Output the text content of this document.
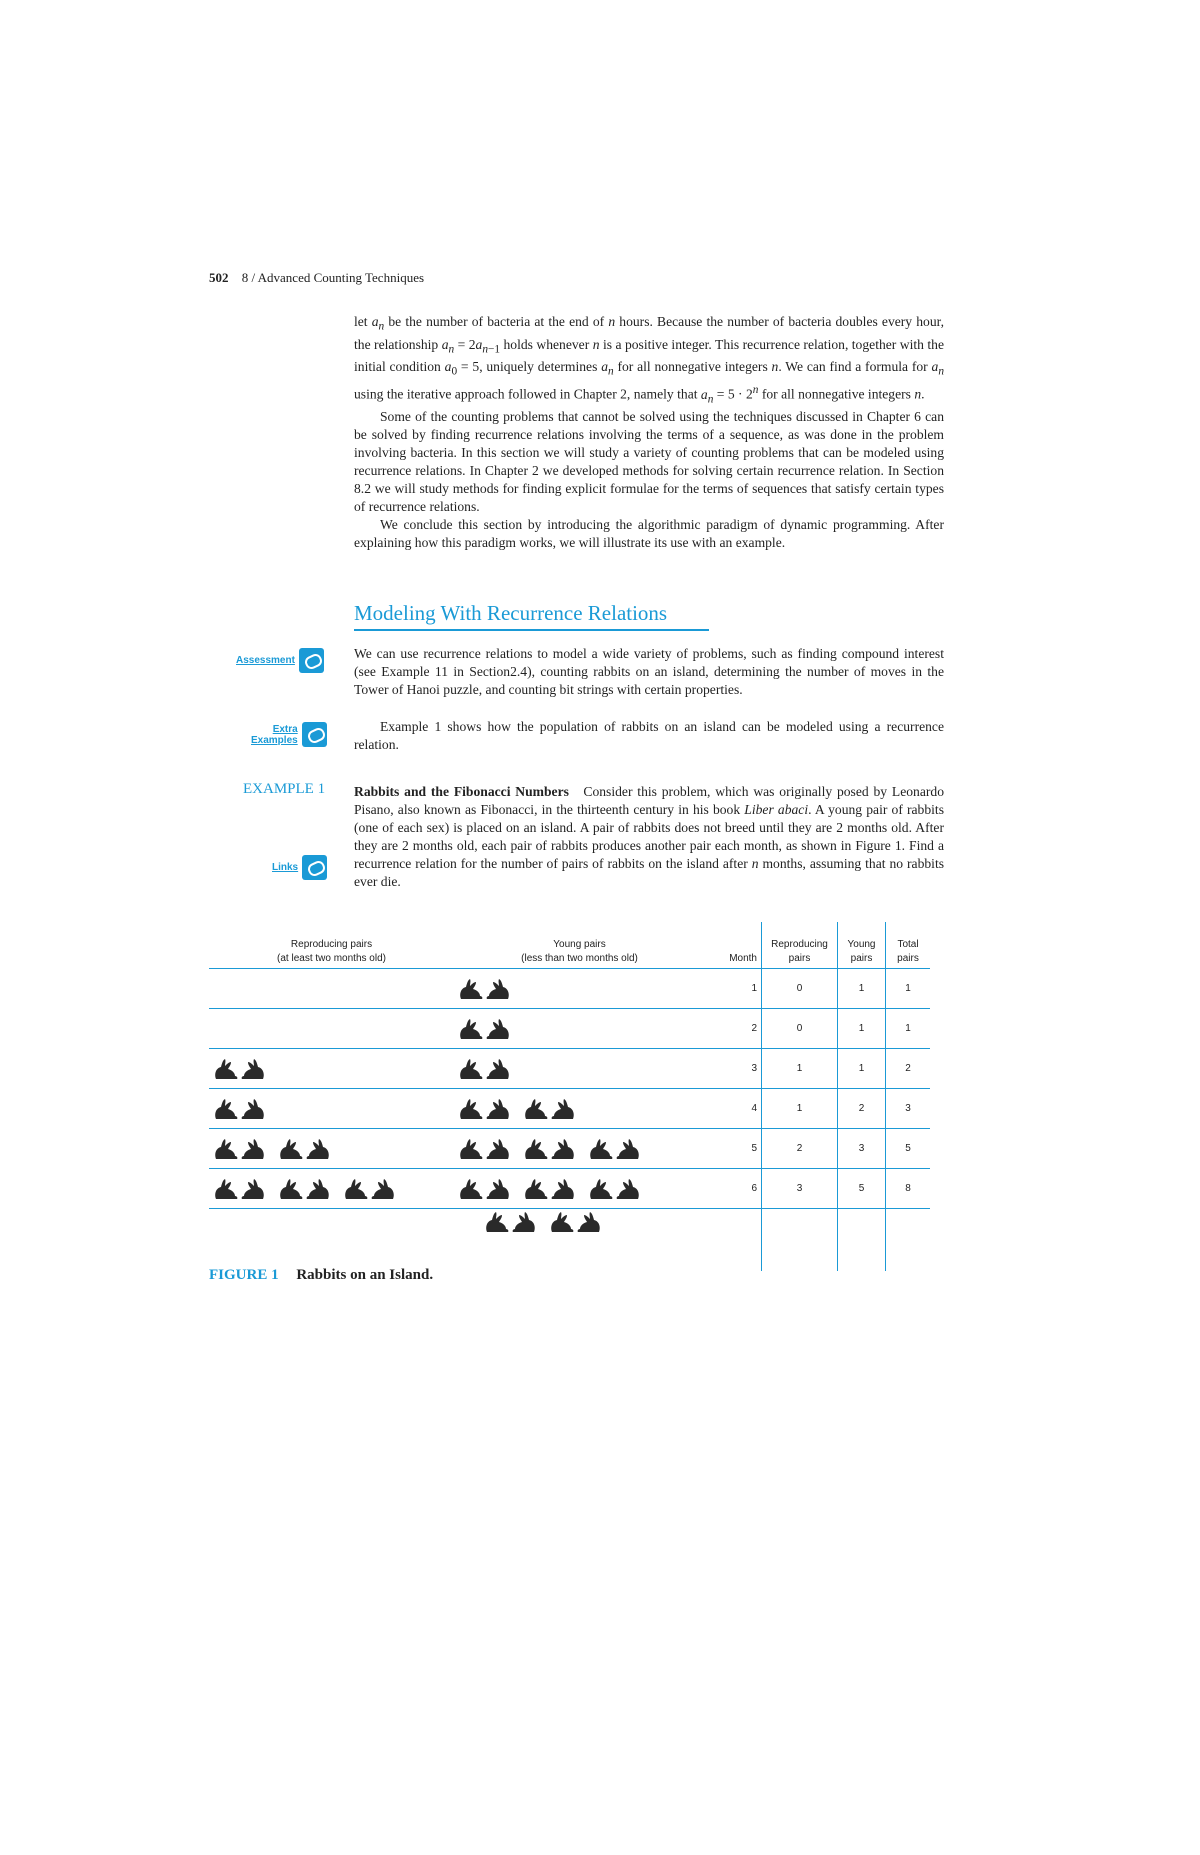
502 8 / Advanced Counting Techniques

let $a_n$ be the number of bacteria at the end of n hours. Because the number of bacteria doubles every hour, the relationship $a_n = 2a_{n-1}$ holds whenever n is a positive integer. This recurrence relation, together with the initial condition $a_0 = 5$, uniquely determines $a_n$ for all nonnegative integers n. We can find a formula for $a_n$ using the iterative approach followed in Chapter 2, namely that $a_n = 5 \cdot 2^n$ for all nonnegative integers n.

Some of the counting problems that cannot be solved using the techniques discussed in Chapter 6 can be solved by finding recurrence relations involving the terms of a sequence, as was done in the problem involving bacteria. In this section we will study a variety of counting problems that can be modeled using recurrence relations. In Chapter 2 we developed methods for solving certain recurrence relation. In Section 8.2 we will study methods for finding explicit formulae for the terms of sequences that satisfy certain types of recurrence relations.

We conclude this section by introducing the algorithmic paradigm of dynamic programming. After explaining how this paradigm works, we will illustrate its use with an example.

Modeling With Recurrence Relations
Assessment	We can use recurrence relations to model a wide variety of problems, such as finding compound interest (see Example 11 in Section2.4), counting rabbits on an island, determining the number of moves in the Tower of Hanoi puzzle, and counting bit strings with certain properties.
Extra
Examples

Example 1 shows how the population of rabbits on an island can be modeled using a recurrence relation.

EXAMPLE 1 Rabbits and the Fibonacci Numbers Consider this problem, which was originally posed by Leonardo Pisano, also known as Fibonacci, in the thirteenth century in his book Liber abaci. A young pair of rabbits (one of each sex) is placed on an island. A pair of rabbits does not breed until they are 2 months old. After they are 2 months old, each pair of rabbits produces another pair each month, as shown in Figure 1. Find a recurrence relation for the number of pairs of rabbits on the island after n months, assuming that no rabbits ever die.
Links
Reproducing pairs
(at least two months old)	Young pairs
(less than two months old)	Month	Reproducing
pairs	Young
pairs	Total
pairs

	1	0	1	1

	2	0	1	1

	3	1	1	2

	4	1	2	3

	5	2	3	5

	6	3	5	8

FIGURE 1 Rabbits on an Island.
